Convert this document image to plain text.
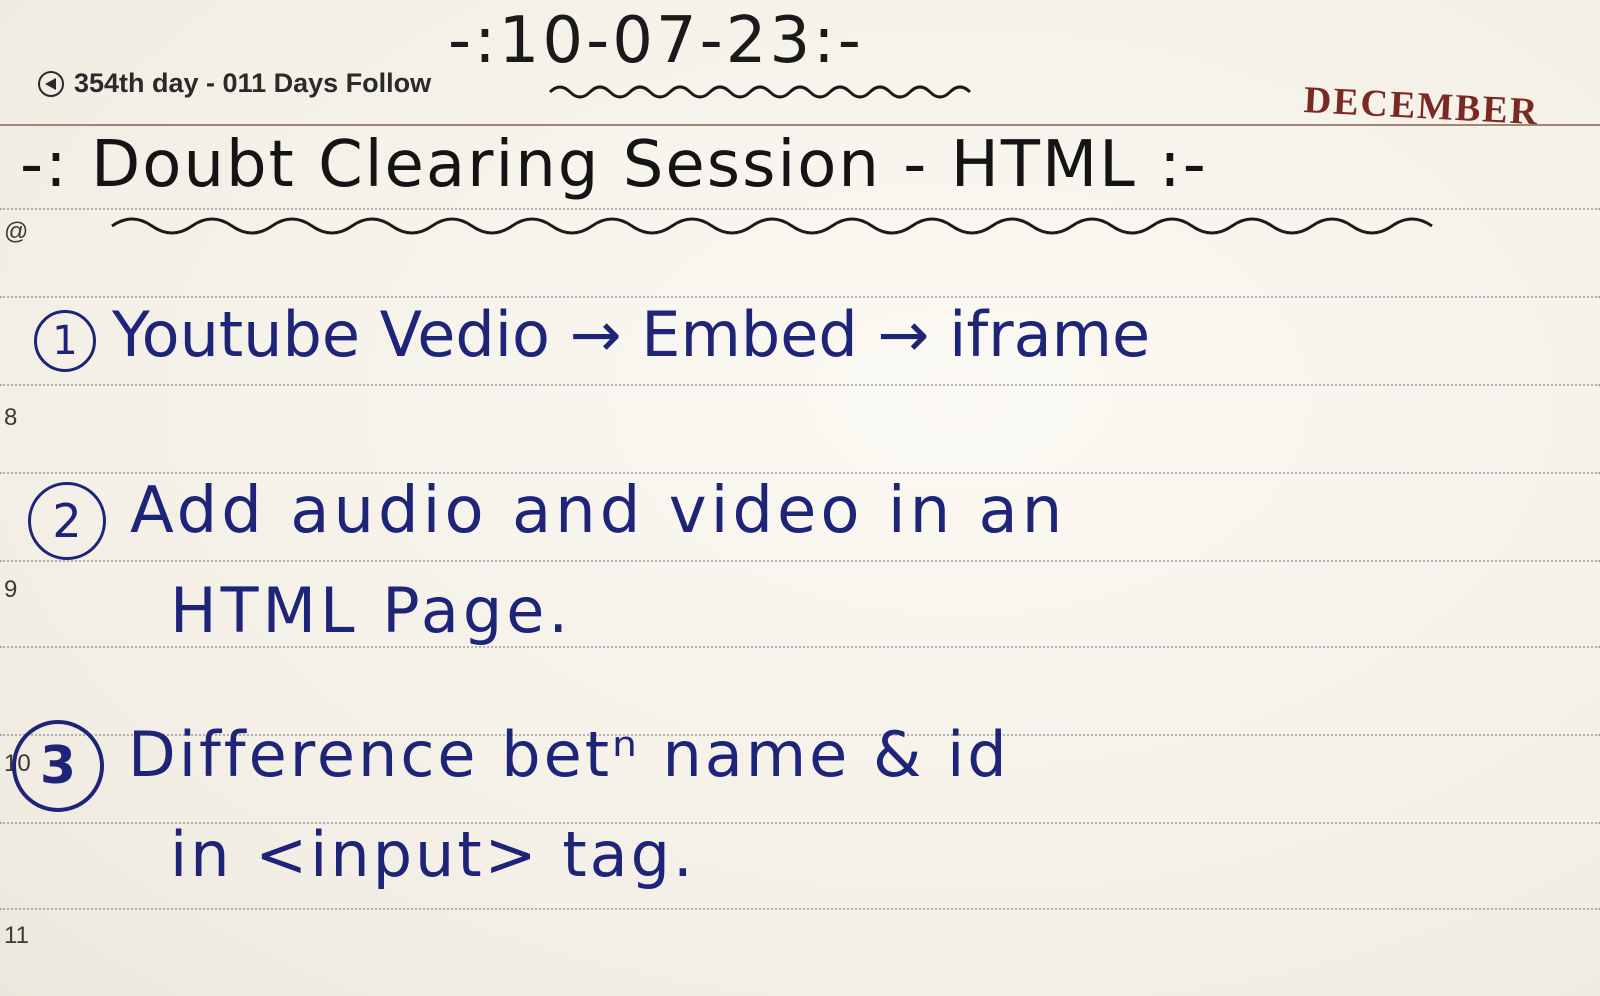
354th day - 011 Days Follow	DECEMBER
-:10-07-23:-
-: Doubt Clearing Session - HTML :-
@
8
9
10
11
1 Youtube Vedio → Embed → iframe
2 Add audio and video in an
HTML Page.
3 Difference betⁿ name & id
in <input> tag.
